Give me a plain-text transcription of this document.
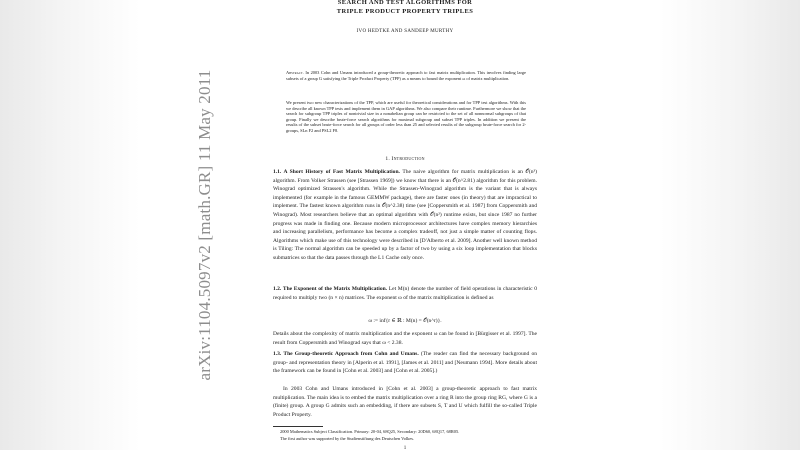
arXiv:1104.5097v2 [math.GR] 11 May 2011
SEARCH AND TEST ALGORITHMS FOR
TRIPLE PRODUCT PROPERTY TRIPLES
IVO HEDTKE AND SANDEEP MURTHY
Abstract. In 2003 Cohn and Umans introduced a group-theoretic approach to fast matrix multiplication. This involves finding large subsets of a group G satisfying the Triple Product Property (TPP) as a means to bound the exponent ω of matrix multiplication.
We present two new characterizations of the TPP, which are useful for theoretical considerations and for TPP test algorithms. With this we describe all known TPP tests and implement them in GAP algorithms. We also compare their runtime. Furthermore we show that the search for subgroup TPP triples of nontrivial size in a nonabelian group can be restricted to the set of all nonnormal subgroups of that group. Finally we describe brute-force search algorithms for maximal subgroup and subset TPP triples. In addition we present the results of the subset brute-force search for all groups of order less than 25 and selected results of the subgroup brute-force search for 2-groups, SLn F2 and PSL2 F8.
1. Introduction
1.1. A Short History of Fast Matrix Multiplication. The naive algorithm for matrix multiplication is an 𝒪(n³) algorithm. From Volker Strassen (see [Strassen 1969]) we know that there is an 𝒪(n^2.81) algorithm for this problem. Winograd optimized Strassen's algorithm. While the Strassen-Winograd algorithm is the variant that is always implemented (for example in the famous GEMMW package), there are faster ones (in theory) that are impractical to implement. The fastest known algorithm runs in 𝒪(n^2.38) time (see [Coppersmith et al. 1987] from Coppersmith and Winograd). Most researchers believe that an optimal algorithm with 𝒪(n²) runtime exists, but since 1987 no further progress was made in finding one. Because modern microprocessor architectures have complex memory hierarchies and increasing parallelism, performance has become a complex tradeoff, not just a simple matter of counting flops. Algorithms which make use of this technology were described in [D'Alberto et al. 2009]. Another well known method is Tiling: The normal algorithm can be speeded up by a factor of two by using a six loop implementation that blocks submatrices so that the data passes through the L1 Cache only once.
1.2. The Exponent of the Matrix Multiplication. Let M(n) denote the number of field operations in characteristic 0 required to multiply two (n × n) matrices. The exponent ω of the matrix multiplication is defined as
ω := inf{r ∈ ℝ : M(n) = 𝒪(n^r)}.
Details about the complexity of matrix multiplication and the exponent ω can be found in [Bürgisser et al. 1997]. The result from Coppersmith and Winograd says that ω < 2.38.
1.3. The Group-theoretic Approach from Cohn and Umans. (The reader can find the necessary background on group- and representation theory in [Alperin et al. 1991], [James et al. 2011] and [Neumann 1994]. More details about the framework can be found in [Cohn et al. 2003] and [Cohn et al. 2005].)
In 2003 Cohn and Umans introduced in [Cohn et al. 2003] a group-theoretic approach to fast matrix multiplication. The main idea is to embed the matrix multiplication over a ring R into the group ring RG, where G is a (finite) group. A group G admits such an embedding, if there are subsets S, T and U which fulfill the so-called Triple Product Property.
2000 Mathematics Subject Classification. Primary: 20-04, 68Q25, Secondary: 20D60, 68Q17, 68R05.
The first author was supported by the Studienstiftung des Deutschen Volkes.
1
